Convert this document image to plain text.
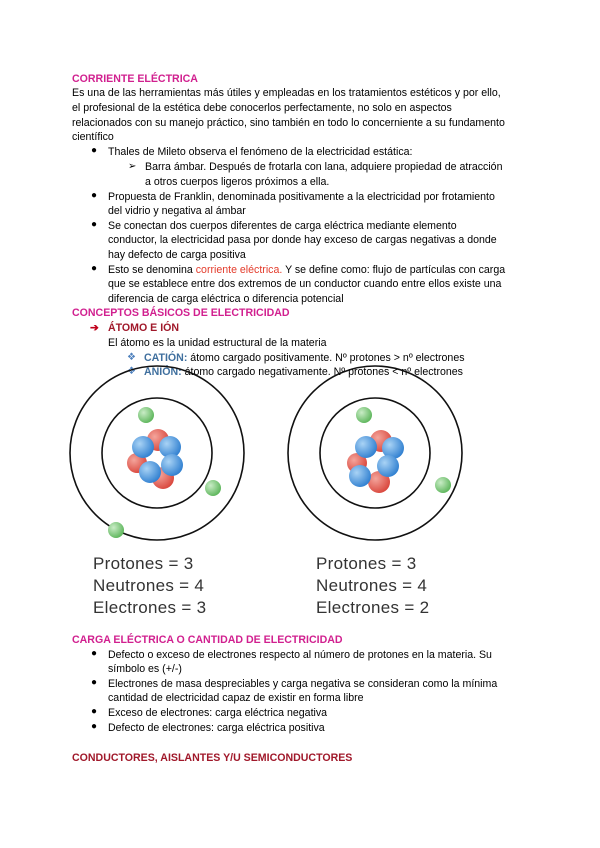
CORRIENTE ELÉCTRICA
Es una de las herramientas más útiles y empleadas en los tratamientos estéticos y por ello,
el profesional de la estética debe conocerlos perfectamente, no solo en aspectos
relacionados con su manejo práctico, sino también en todo lo concerniente a su fundamento
científico
● Thales de Mileto observa el fenómeno de la electricidad estática:
➢ Barra ámbar. Después de frotarla con lana, adquiere propiedad de atracción
a otros cuerpos ligeros próximos a ella.
● Propuesta de Franklin, denominada positivamente a la electricidad por frotamiento
del vidrio y negativa al ámbar
● Se conectan dos cuerpos diferentes de carga eléctrica mediante elemento
conductor, la electricidad pasa por donde hay exceso de cargas negativas a donde
hay defecto de carga positiva
● Esto se denomina corriente eléctrica. Y se define como: flujo de partículas con carga
que se establece entre dos extremos de un conductor cuando entre ellos existe una
diferencia de carga eléctrica o diferencia potencial
CONCEPTOS BÁSICOS DE ELECTRICIDAD
➔ ÁTOMO E IÓN
El átomo es la unidad estructural de la materia
❖ CATIÓN: átomo cargado positivamente. Nº protones > nº electrones
❖ ANIÓN: átomo cargado negativamente. Nº protones < nº electrones
Protones = 3
Neutrones = 4
Electrones = 3
Protones = 3
Neutrones = 4
Electrones = 2
CARGA ELÉCTRICA O CANTIDAD DE ELECTRICIDAD
● Defecto o exceso de electrones respecto al número de protones en la materia. Su
símbolo es (+/-)
● Electrones de masa despreciables y carga negativa se consideran como la mínima
cantidad de electricidad capaz de existir en forma libre
● Exceso de electrones: carga eléctrica negativa
● Defecto de electrones: carga eléctrica positiva
CONDUCTORES, AISLANTES Y/U SEMICONDUCTORES
